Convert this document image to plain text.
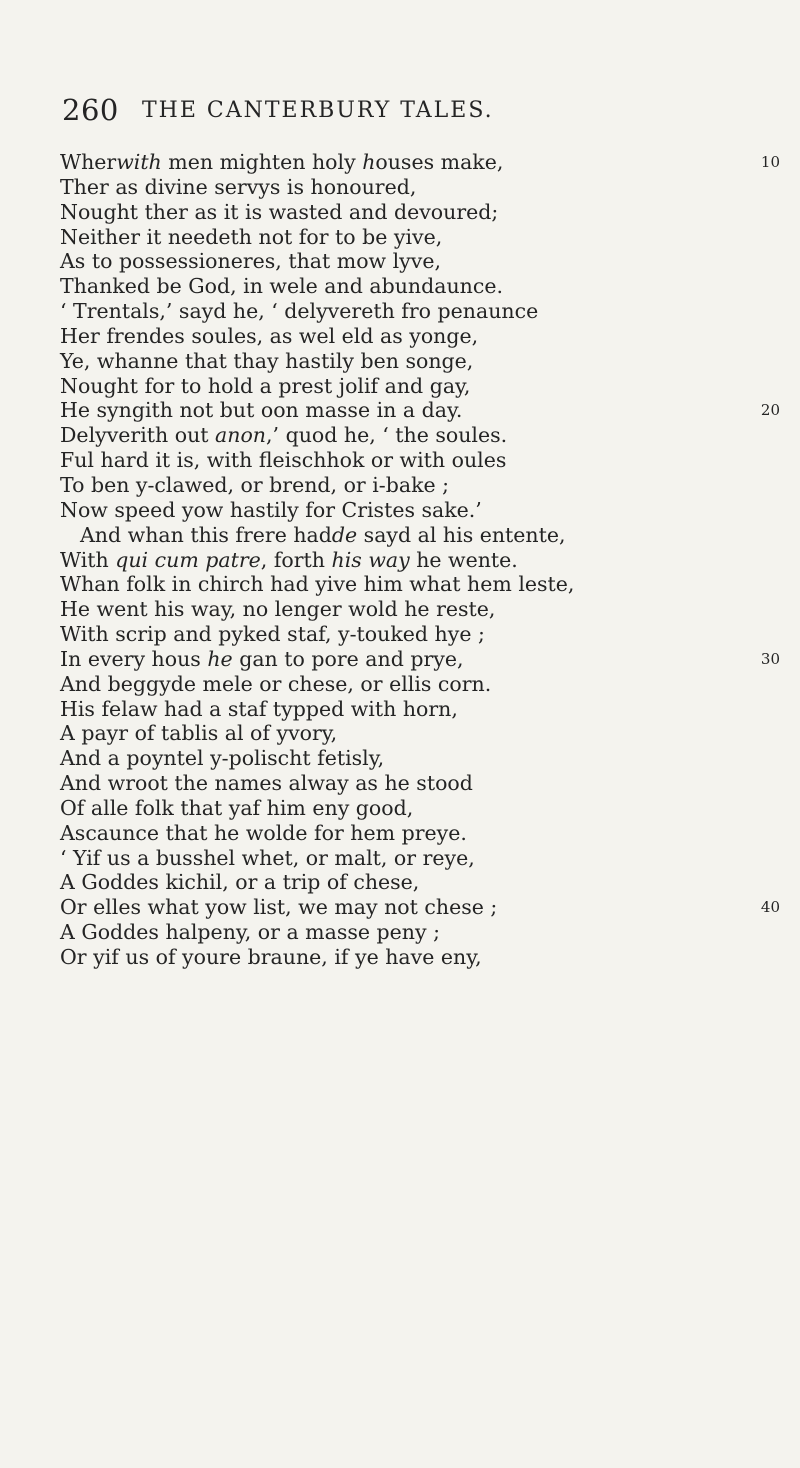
260 THE CANTERBURY TALES.
Wherwith men mighten holy houses make,	10
Ther as divine servys is honoured,
Nought ther as it is wasted and devoured;
Neither it needeth not for to be yive,
As to possessioneres, that mow lyve,
Thanked be God, in wele and abundaunce.
‘ Trentals,’ sayd he, ‘ delyvereth fro penaunce
Her frendes soules, as wel eld as yonge,
Ye, whanne that thay hastily ben songe,
Nought for to hold a prest jolif and gay,
He syngith not but oon masse in a day.	20
Delyverith out anon,’ quod he, ‘ the soules.
Ful hard it is, with fleischhok or with oules
To ben y-clawed, or brend, or i-bake ;
Now speed yow hastily for Cristes sake.’
And whan this frere hadde sayd al his entente,
With qui cum patre, forth his way he wente.
Whan folk in chirch had yive him what hem leste,
He went his way, no lenger wold he reste,
With scrip and pyked staf, y-touked hye ;
In every hous he gan to pore and prye,	30
And beggyde mele or chese, or ellis corn.
His felaw had a staf typped with horn,
A payr of tablis al of yvory,
And a poyntel y-polischt fetisly,
And wroot the names alway as he stood
Of alle folk that yaf him eny good,
Ascaunce that he wolde for hem preye.
‘ Yif us a busshel whet, or malt, or reye,
A Goddes kichil, or a trip of chese,
Or elles what yow list, we may not chese ;	40
A Goddes halpeny, or a masse peny ;
Or yif us of youre braune, if ye have eny,
